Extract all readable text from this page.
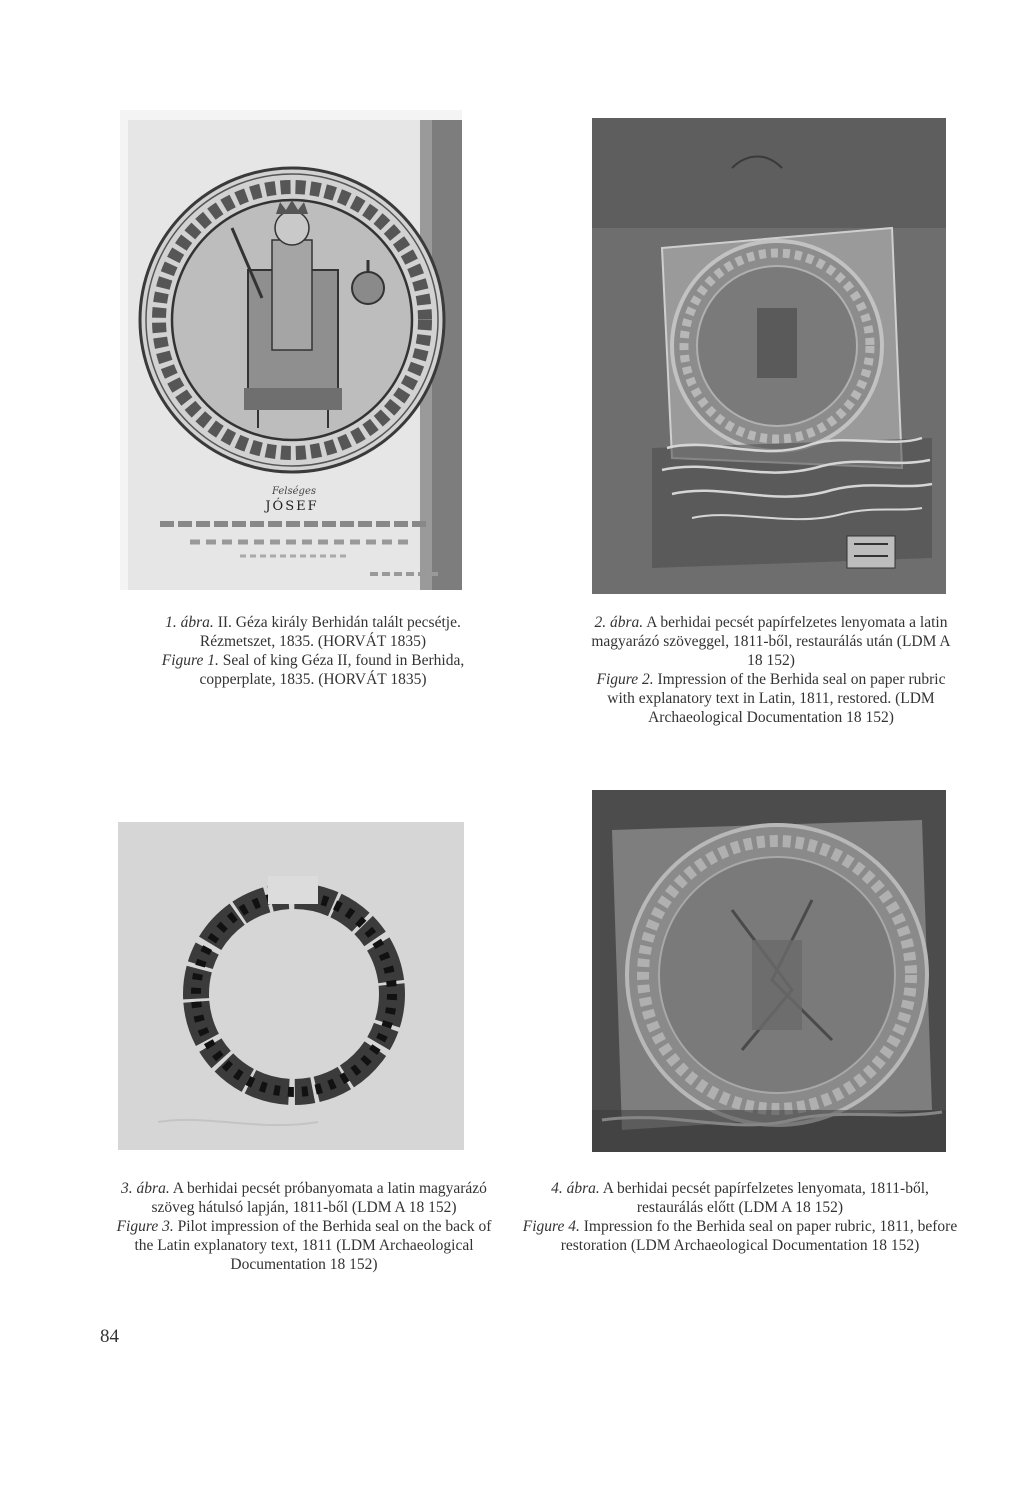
Felséges
JÓSEF

1. ábra. II. Géza király Berhidán talált pecsétje. Rézmetszet, 1835. (HORVÁT 1835)

Figure 1. Seal of king Géza II, found in Berhida, copperplate, 1835. (HORVÁT 1835)

2. ábra. A berhidai pecsét papírfelzetes lenyomata a latin magyarázó szöveggel, 1811-ből, restaurálás után (LDM A 18 152)

Figure 2. Impression of the Berhida seal on paper rubric with explanatory text in Latin, 1811, restored. (LDM Archaeological Documentation 18 152)

3. ábra. A berhidai pecsét próbanyomata a latin magyarázó szöveg hátulsó lapján, 1811-ből (LDM A 18 152)

Figure 3. Pilot impression of the Berhida seal on the back of the Latin explanatory text, 1811 (LDM Archaeological Documentation 18 152)

4. ábra. A berhidai pecsét papírfelzetes lenyomata, 1811-ből, restaurálás előtt (LDM A 18 152)

Figure 4. Impression fo the Berhida seal on paper rubric, 1811, before restoration (LDM Archaeological Documentation 18 152)

84
